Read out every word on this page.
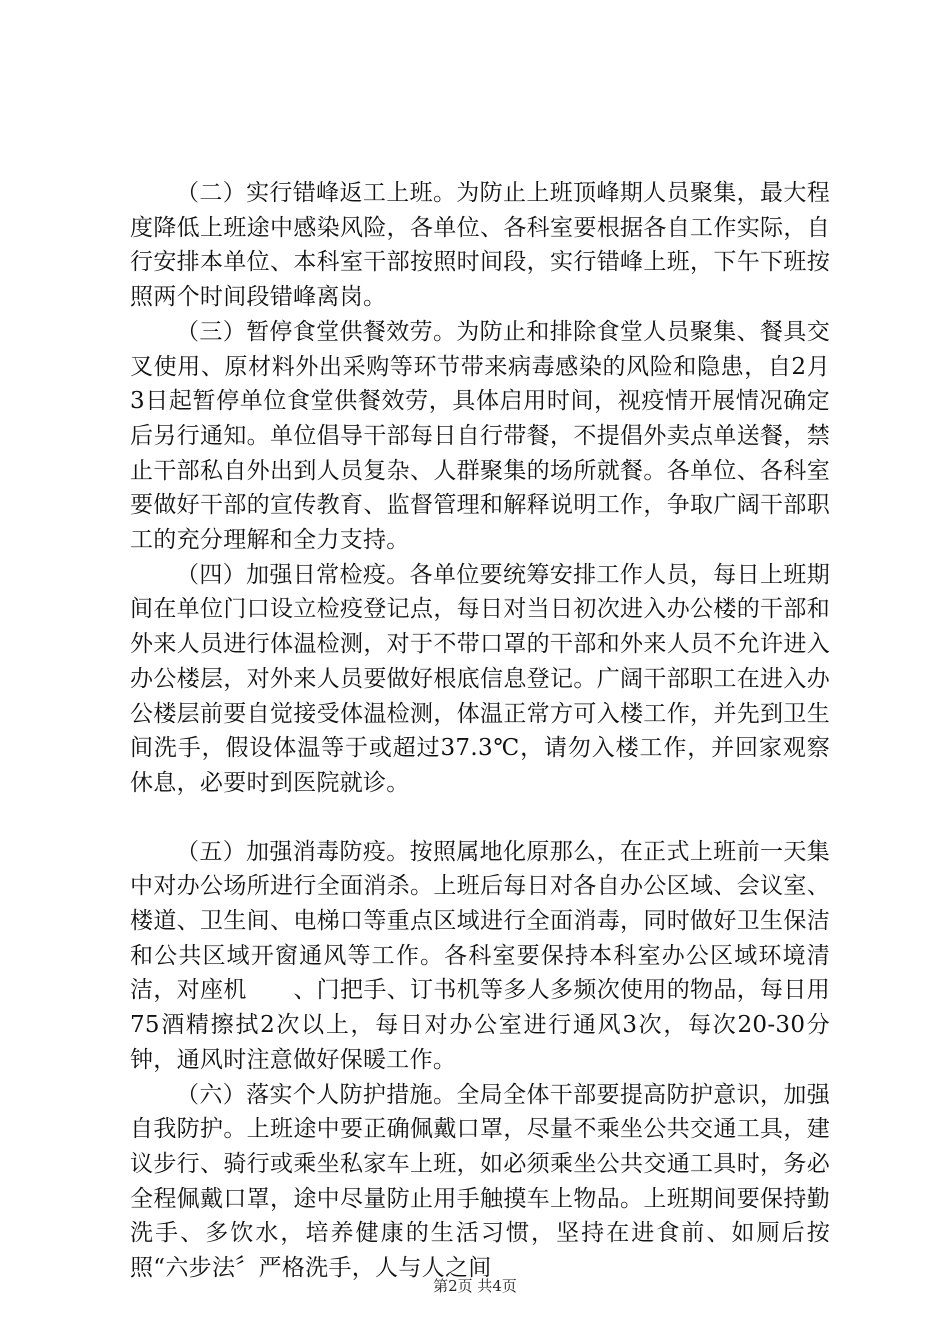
（二）实行错峰返工上班。为防止上班顶峰期人员聚集，最大程度降低上班途中感染风险，各单位、各科室要根据各自工作实际，自行安排本单位、本科室干部按照时间段，实行错峰上班，下午下班按照两个时间段错峰离岗。

（三）暂停食堂供餐效劳。为防止和排除食堂人员聚集、餐具交叉使用、原材料外出采购等环节带来病毒感染的风险和隐患，自2月3日起暂停单位食堂供餐效劳，具体启用时间，视疫情开展情况确定后另行通知。单位倡导干部每日自行带餐，不提倡外卖点单送餐，禁止干部私自外出到人员复杂、人群聚集的场所就餐。各单位、各科室要做好干部的宣传教育、监督管理和解释说明工作，争取广阔干部职工的充分理解和全力支持。

（四）加强日常检疫。各单位要统筹安排工作人员，每日上班期间在单位门口设立检疫登记点，每日对当日初次进入办公楼的干部和外来人员进行体温检测，对于不带口罩的干部和外来人员不允许进入办公楼层，对外来人员要做好根底信息登记。广阔干部职工在进入办公楼层前要自觉接受体温检测，体温正常方可入楼工作，并先到卫生间洗手，假设体温等于或超过37.3℃，请勿入楼工作，并回家观察休息，必要时到医院就诊。

（五）加强消毒防疫。按照属地化原那么，在正式上班前一天集中对办公场所进行全面消杀。上班后每日对各自办公区域、会议室、楼道、卫生间、电梯口等重点区域进行全面消毒，同时做好卫生保洁和公共区域开窗通风等工作。各科室要保持本科室办公区域环境清洁，对座机　　、门把手、订书机等多人多频次使用的物品，每日用75酒精擦拭2次以上，每日对办公室进行通风3次，每次20-30分钟，通风时注意做好保暖工作。

（六）落实个人防护措施。全局全体干部要提高防护意识，加强自我防护。上班途中要正确佩戴口罩，尽量不乘坐公共交通工具，建议步行、骑行或乘坐私家车上班，如必须乘坐公共交通工具时，务必全程佩戴口罩，途中尽量防止用手触摸车上物品。上班期间要保持勤洗手、多饮水，培养健康的生活习惯，坚持在进食前、如厕后按照“六步法〞严格洗手，人与人之间

第2页 共4页
